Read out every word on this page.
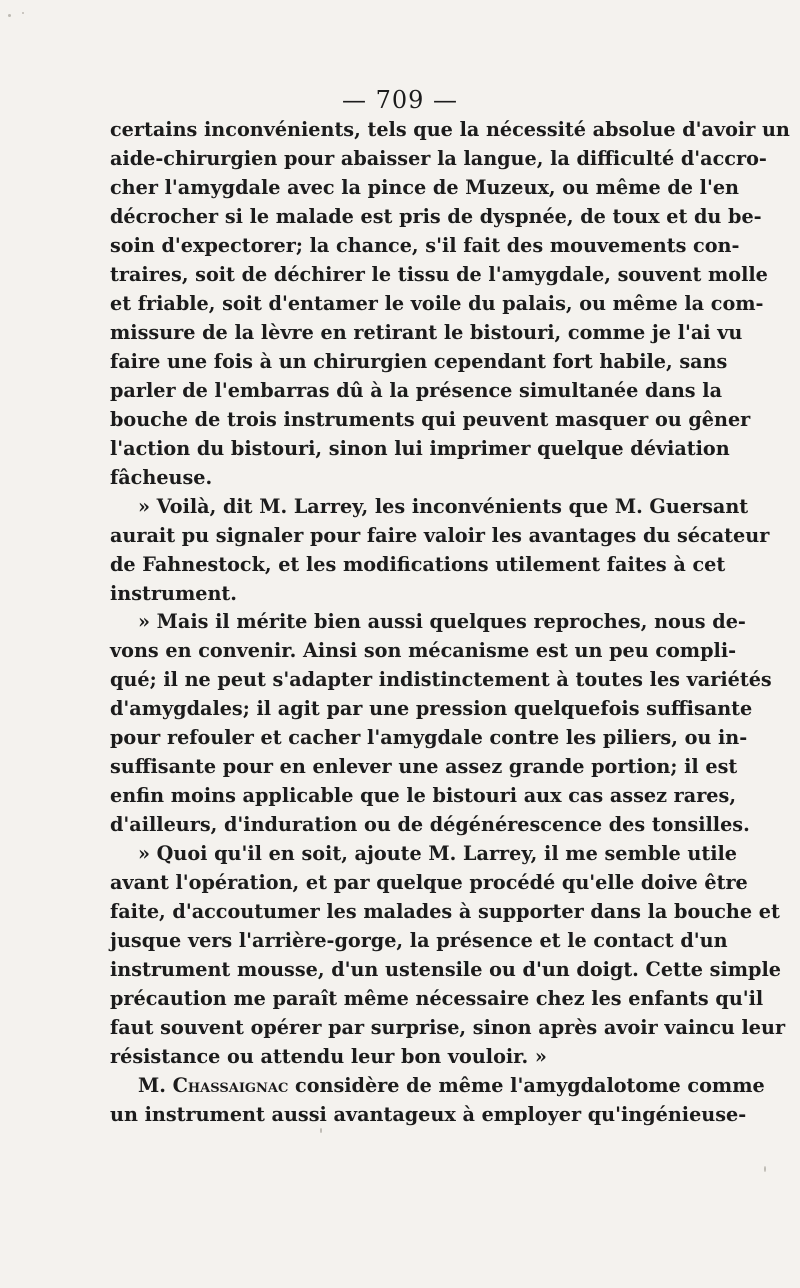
— 709 —
certains inconvénients, tels que la nécessité absolue d'avoir un
aide-chirurgien pour abaisser la langue, la difficulté d'accro-
cher l'amygdale avec la pince de Muzeux, ou même de l'en
décrocher si le malade est pris de dyspnée, de toux et du be-
soin d'expectorer; la chance, s'il fait des mouvements con-
traires, soit de déchirer le tissu de l'amygdale, souvent molle
et friable, soit d'entamer le voile du palais, ou même la com-
missure de la lèvre en retirant le bistouri, comme je l'ai vu
faire une fois à un chirurgien cependant fort habile, sans
parler de l'embarras dû à la présence simultanée dans la
bouche de trois instruments qui peuvent masquer ou gêner
l'action du bistouri, sinon lui imprimer quelque déviation
fâcheuse.
» Voilà, dit M. Larrey, les inconvénients que M. Guersant
aurait pu signaler pour faire valoir les avantages du sécateur
de Fahnestock, et les modifications utilement faites à cet
instrument.
» Mais il mérite bien aussi quelques reproches, nous de-
vons en convenir. Ainsi son mécanisme est un peu compli-
qué; il ne peut s'adapter indistinctement à toutes les variétés
d'amygdales; il agit par une pression quelquefois suffisante
pour refouler et cacher l'amygdale contre les piliers, ou in-
suffisante pour en enlever une assez grande portion; il est
enfin moins applicable que le bistouri aux cas assez rares,
d'ailleurs, d'induration ou de dégénérescence des tonsilles.
» Quoi qu'il en soit, ajoute M. Larrey, il me semble utile
avant l'opération, et par quelque procédé qu'elle doive être
faite, d'accoutumer les malades à supporter dans la bouche et
jusque vers l'arrière-gorge, la présence et le contact d'un
instrument mousse, d'un ustensile ou d'un doigt. Cette simple
précaution me paraît même nécessaire chez les enfants qu'il
faut souvent opérer par surprise, sinon après avoir vaincu leur
résistance ou attendu leur bon vouloir. »
M. Chassaignac considère de même l'amygdalotome comme
un instrument aussi avantageux à employer qu'ingénieuse-
